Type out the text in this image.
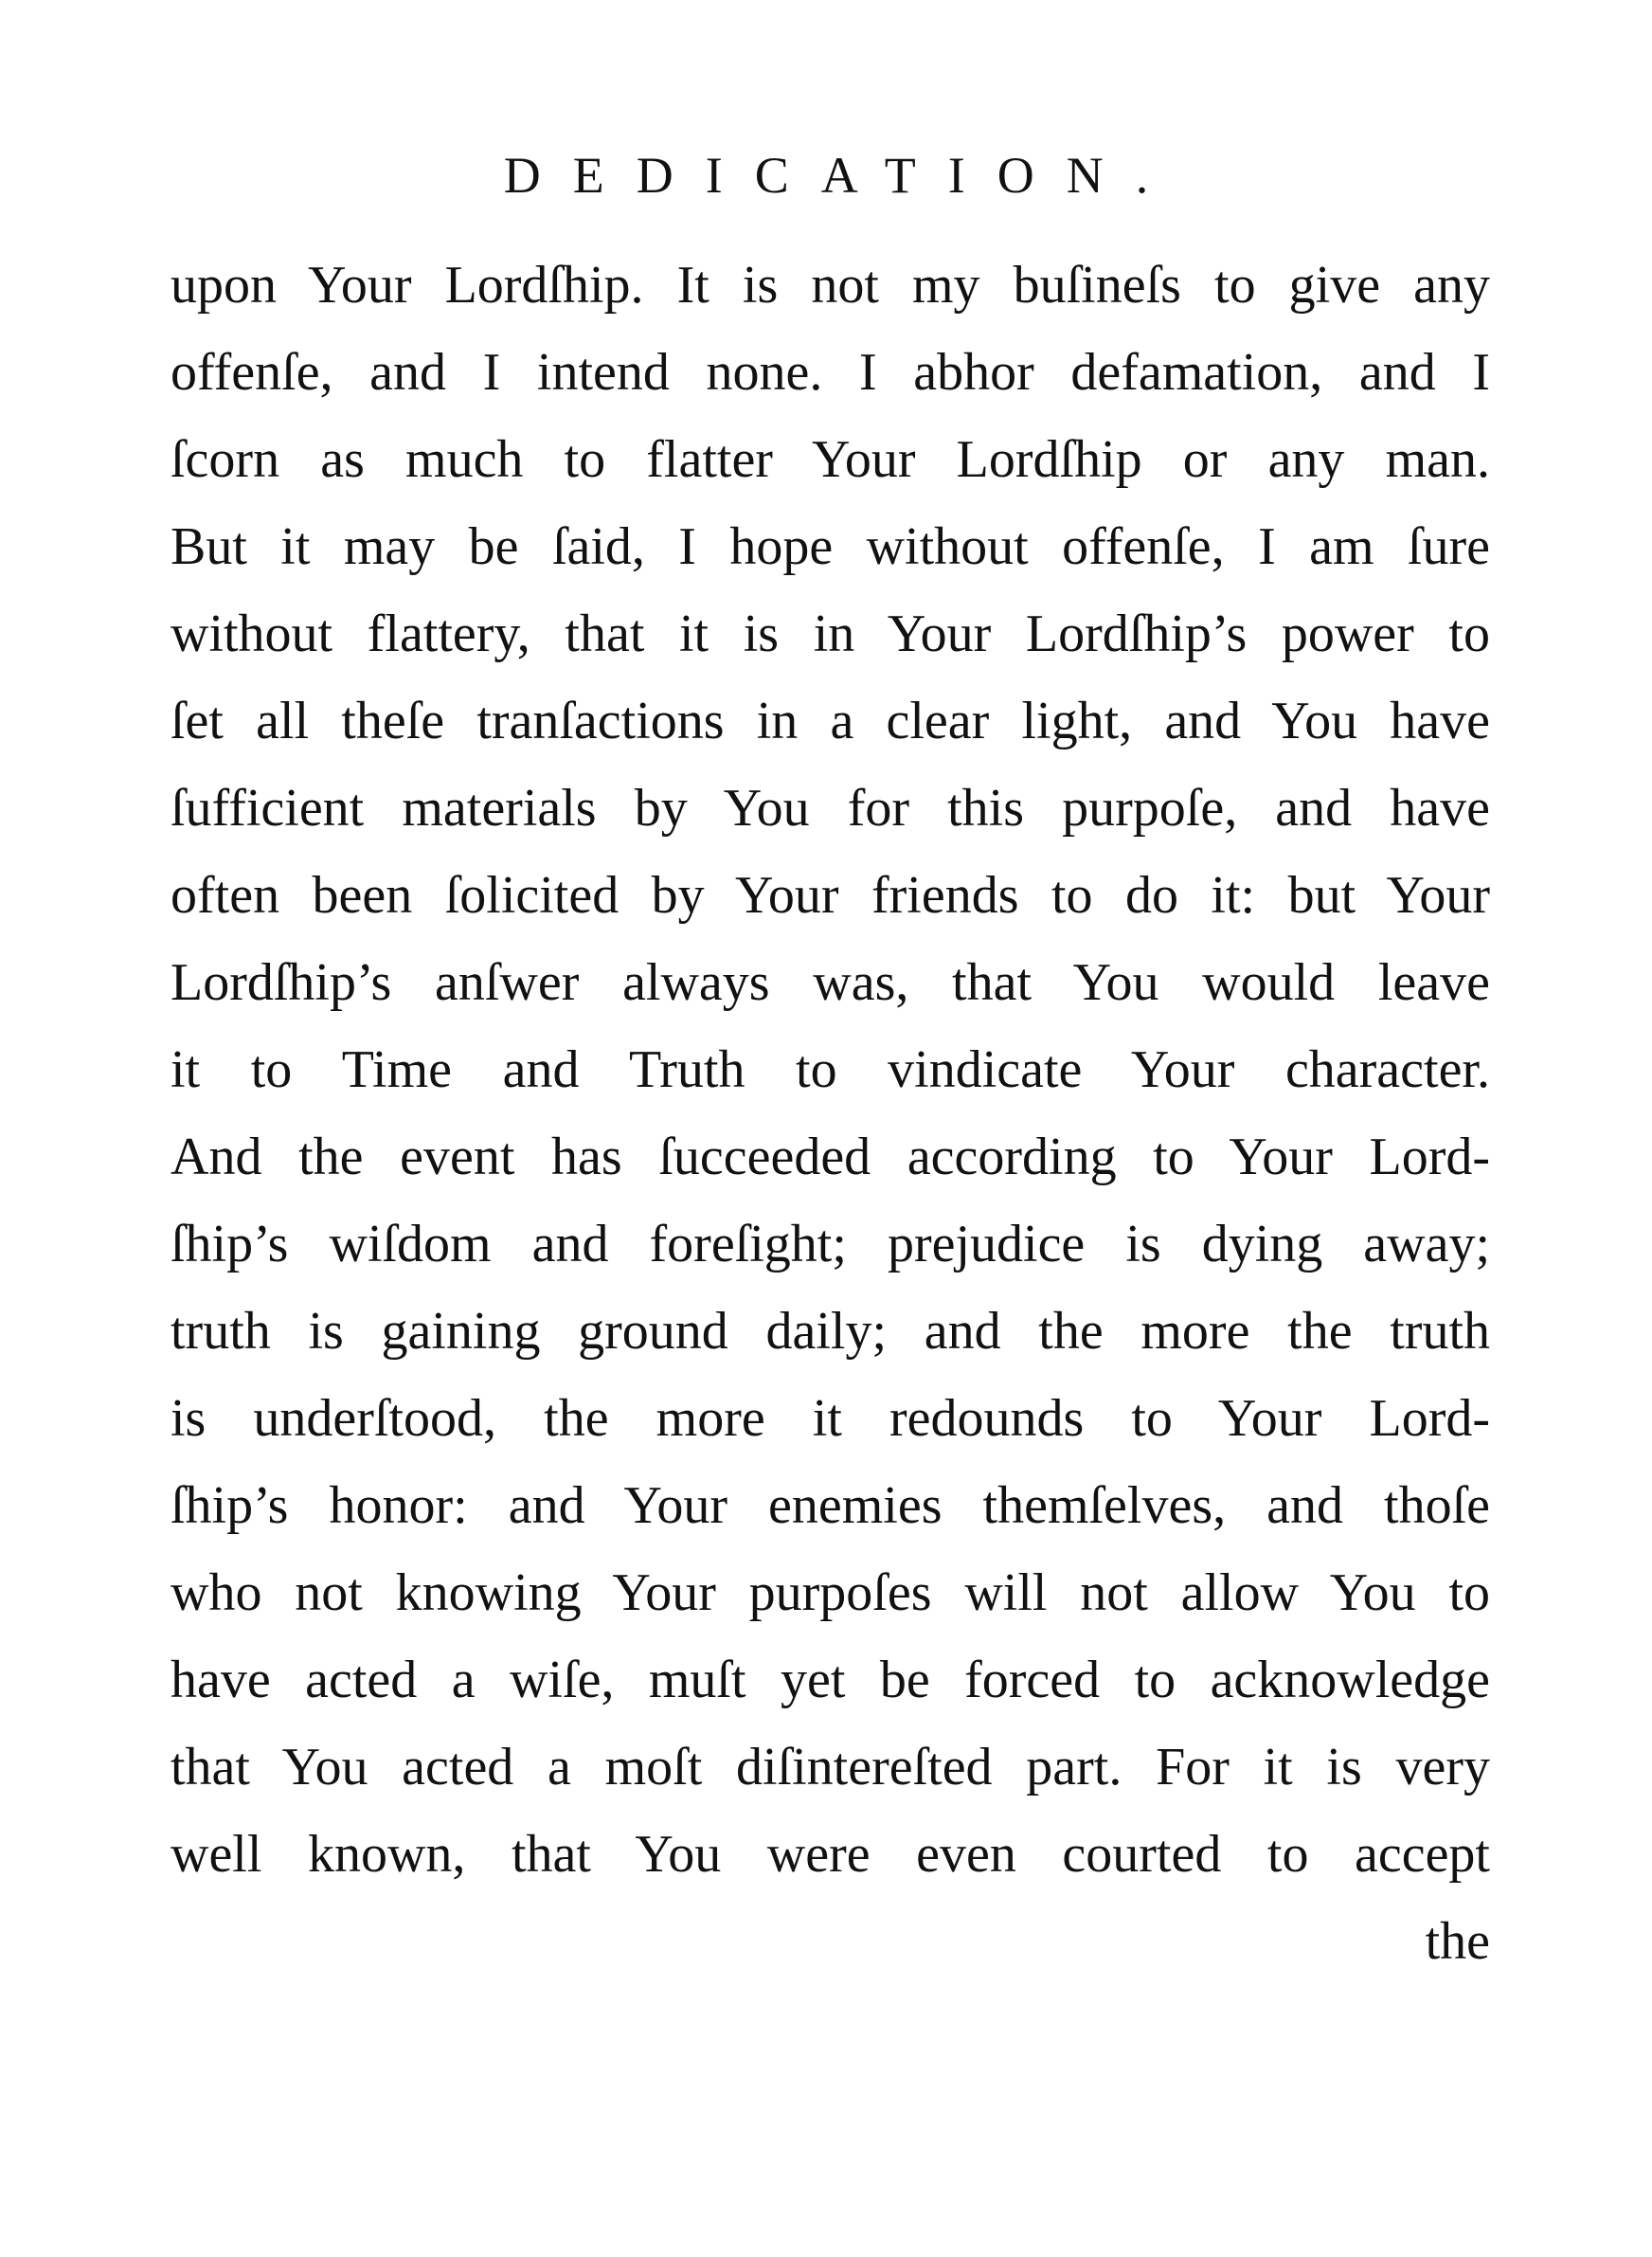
DEDICATION.
upon Your Lordſhip. It is not my buſineſs to give any
offenſe, and I intend none. I abhor defamation, and I
ſcorn as much to flatter Your Lordſhip or any man.
But it may be ſaid, I hope without offenſe, I am ſure
without flattery, that it is in Your Lordſhip’s power to
ſet all theſe tranſactions in a clear light, and You have
ſufficient materials by You for this purpoſe, and have
often been ſolicited by Your friends to do it: but Your
Lordſhip’s anſwer always was, that You would leave
it to Time and Truth to vindicate Your character.
And the event has ſucceeded according to Your Lord-
ſhip’s wiſdom and foreſight; prejudice is dying away;
truth is gaining ground daily; and the more the truth
is underſtood, the more it redounds to Your Lord-
ſhip’s honor: and Your enemies themſelves, and thoſe
who not knowing Your purpoſes will not allow You to
have acted a wiſe, muſt yet be forced to acknowledge
that You acted a moſt diſintereſted part. For it is very
well known, that You were even courted to accept
the
